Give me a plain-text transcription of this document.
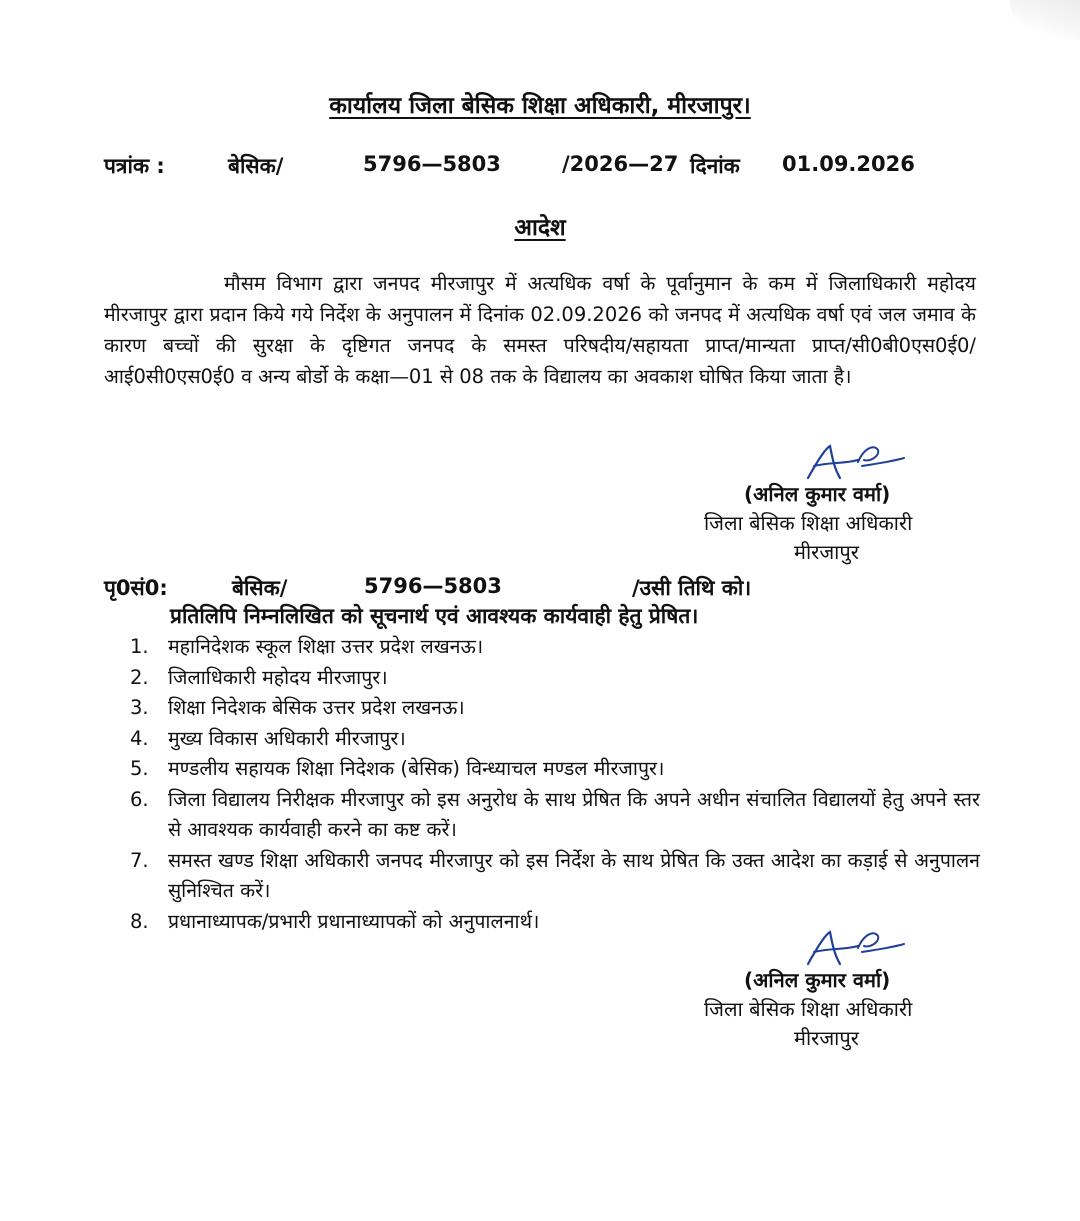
कार्यालय जिला बेसिक शिक्षा अधिकारी, मीरजापुर।
पत्रांक :	बेसिक/	5796—5803	/2026—27 दिनांक 01.09.2026
आदेश

मौसम विभाग द्वारा जनपद मीरजापुर में अत्यधिक वर्षा के पूर्वानुमान के कम में जिलाधिकारी महोदय मीरजापुर द्वारा प्रदान किये गये निर्देश के अनुपालन में दिनांक 02.09.2026 को जनपद में अत्यधिक वर्षा एवं जल जमाव के कारण बच्चों की सुरक्षा के दृष्टिगत जनपद के समस्त परिषदीय/सहायता प्राप्त/मान्यता प्राप्त/सी0बी0एस0ई0/आई0सी0एस0ई0 व अन्य बोर्डो के कक्षा—01 से 08 तक के विद्यालय का अवकाश घोषित किया जाता है।

(अनिल कुमार वर्मा)
जिला बेसिक शिक्षा अधिकारी
मीरजापुर
पृ0सं0:	बेसिक/	5796—5803	/उसी तिथि को।
प्रतिलिपि निम्नलिखित को सूचनार्थ एवं आवश्यक कार्यवाही हेतु प्रेषित।
1. महानिदेशक स्कूल शिक्षा उत्तर प्रदेश लखनऊ।
2. जिलाधिकारी महोदय मीरजापुर।
3. शिक्षा निदेशक बेसिक उत्तर प्रदेश लखनऊ।
4. मुख्य विकास अधिकारी मीरजापुर।
5. मण्डलीय सहायक शिक्षा निदेशक (बेसिक) विन्ध्याचल मण्डल मीरजापुर।
6. जिला विद्यालय निरीक्षक मीरजापुर को इस अनुरोध के साथ प्रेषित कि अपने अधीन संचालित विद्यालयों हेतु अपने स्तर से आवश्यक कार्यवाही करने का कष्ट करें।
7. समस्त खण्ड शिक्षा अधिकारी जनपद मीरजापुर को इस निर्देश के साथ प्रेषित कि उक्त आदेश का कड़ाई से अनुपालन सुनिश्चित करें।
8. प्रधानाध्यापक/प्रभारी प्रधानाध्यापकों को अनुपालनार्थ।
(अनिल कुमार वर्मा)
जिला बेसिक शिक्षा अधिकारी
मीरजापुर
